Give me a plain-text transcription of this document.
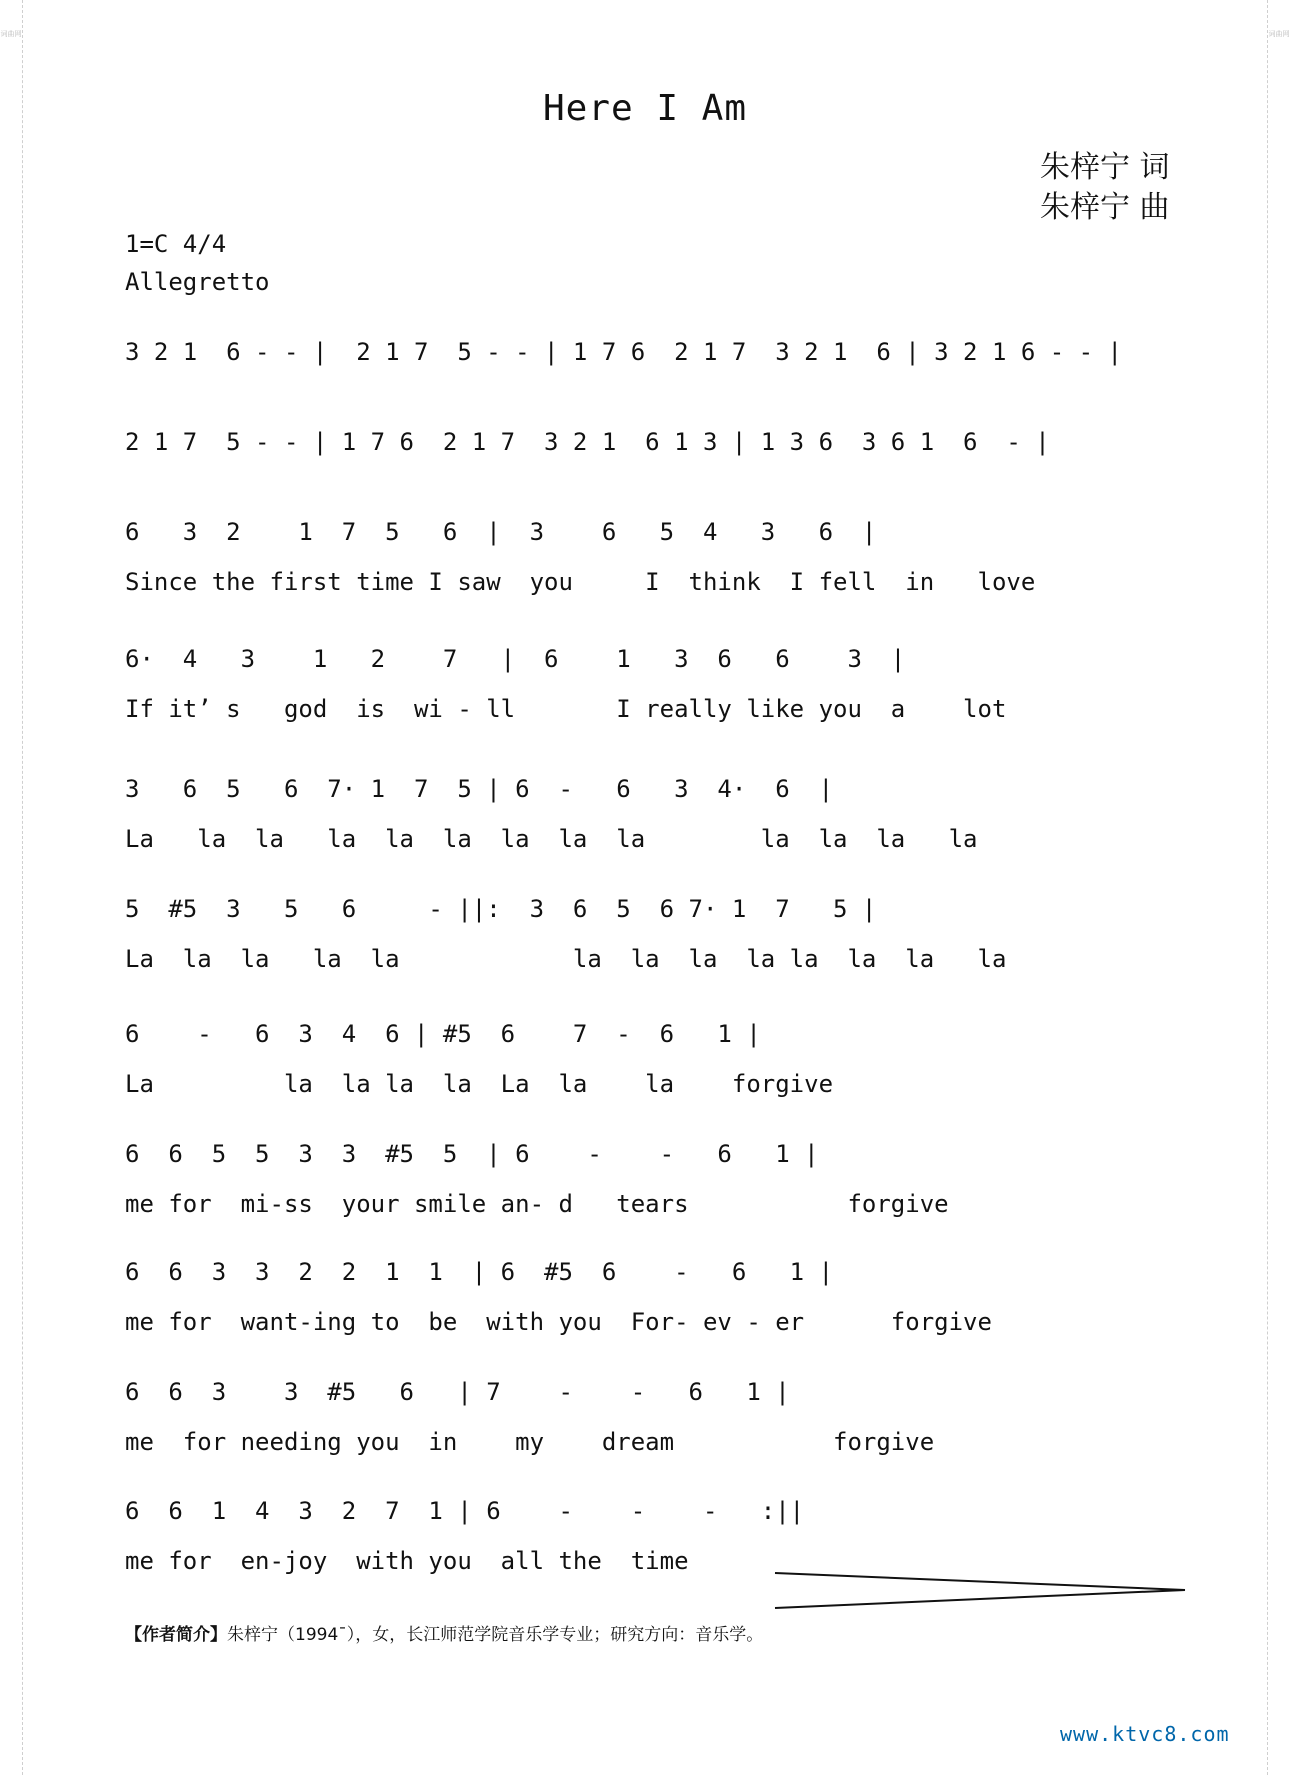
词曲网	词曲网
Here I Am
朱梓宁 词
朱梓宁 曲
1=C 4/4
Allegretto
3 2 1  6 - - |  2 1 7  5 - - | 1 7 6  2 1 7  3 2 1  6 | 3 2 1 6 - - |
2 1 7  5 - - | 1 7 6  2 1 7  3 2 1  6 1 3 | 1 3 6  3 6 1  6  - |
6   3  2    1  7  5   6  |  3    6   5  4   3   6  |
Since the first time I saw  you     I  think  I fell  in   love
6·  4   3    1   2    7   |  6    1   3  6   6    3  |
If it’ s   god  is  wi - ll       I really like you  a    lot
3   6  5   6  7· 1  7  5 | 6  -   6   3  4·  6  |
La   la  la   la  la  la  la  la  la        la  la  la   la
5  #5  3   5   6     - ||:  3  6  5  6 7· 1  7   5 |
La  la  la   la  la            la  la  la  la la  la  la   la
6    -   6  3  4  6 | #5  6    7  -  6   1 |
La         la  la la  la  La  la    la    forgive
6  6  5  5  3  3  #5  5  | 6    -    -   6   1 |
me for  mi-ss  your smile an- d   tears           forgive
6  6  3  3  2  2  1  1  | 6  #5  6    -   6   1 |
me for  want-ing to  be  with you  For- ev - er      forgive
6  6  3    3  #5   6   | 7    -    -   6   1 |
me  for needing you  in    my    dream           forgive
6  6  1  4  3  2  7  1 | 6    -    -    -   :||
me for  en-joy  with you  all the  time
【作者简介】朱梓宁（1994ˉ），女，长江师范学院音乐学专业；研究方向：音乐学。
www.ktvc8.com
